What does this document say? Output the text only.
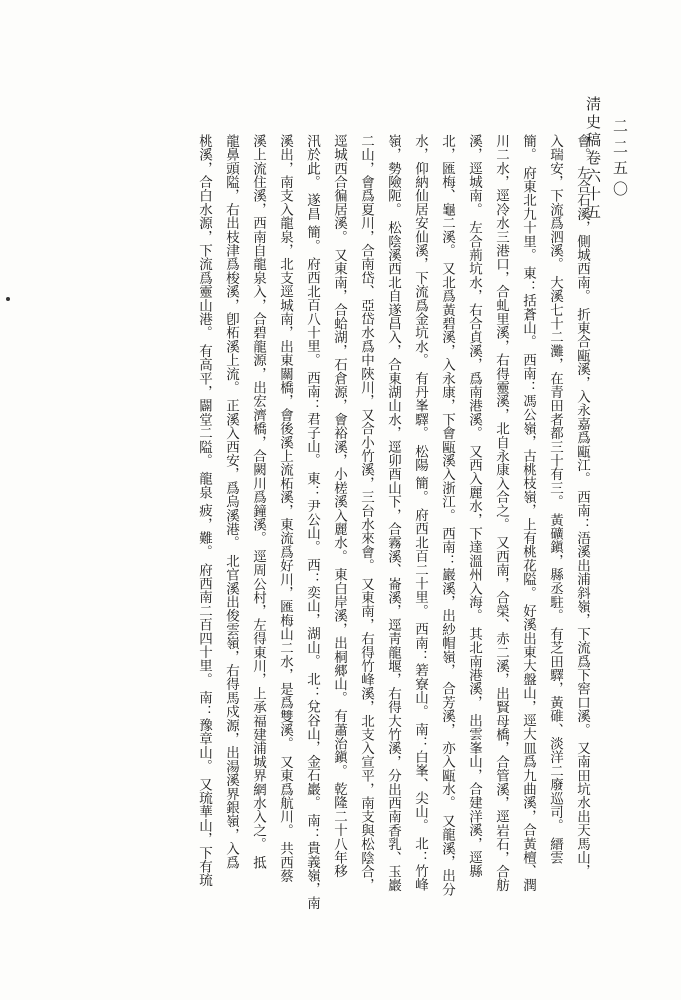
二二五〇
淸史稿卷六十五
會。 左合石溪，側城西南。 折東合甌溪，入永嘉爲甌江。 西南：浯溪出浦斜嶺，下流爲下窖口溪。 又南田坑水出天馬山，
入瑞安，下流爲泗溪。 大溪七十二灘，在青田者都三十有三。 黃礦鎭，縣丞駐。 有芝田驛，黃碓、淡洋二廢巡司。 縉雲
簡。 府東北九十里。 東：括蒼山。 西南：馮公嶺，古桃枝嶺，上有桃花隘。 好溪出東大盤山，逕大皿爲九曲溪，合黃檀、潤
川二水，逕冷水三港口，合虬里溪，右得靈溪，北自永康入合之。 又西南，合榮、赤二溪，出賢母橋，合管溪，逕岩石，合舫
溪，逕城南。 左合荊坑水，右合貞溪，爲南港溪。 又西入麗水，下達溫州入海。 其北南港溪， 出雲峯山，合建洋溪，逕縣
北，匯梅、龜二溪。 又北爲黃碧溪，入永康，下會甌溪入浙江。 西南：巖溪，出紗帽嶺， 合芳溪， 亦入甌水。 又龍溪，出分
水，仰納仙居安仙溪，下流爲金坑水。 有丹峯驛。 松陽 簡。 府西北百二十里。 西南：箬寮山。 南：白峯、尖山。 北：竹峰
嶺，勢險阨。 松陰溪西北自遂昌入，合東湖山水，逕卯酉山下，合霧溪、崙溪，逕靑龍堰，右得大竹溪，分出西南香乳、玉巖
二山，會爲夏川，合南岱、亞岱水爲中陝川，又合小竹溪，三台水來會。 又東南，右得竹峰溪，北支入宣平，南支與松陰合，
逕城西合徧居溪。 又東南，合蛤湖，石倉源，會裕溪，小槎溪入麗水。 東白岸溪，出桐郷山。 有蕭治鎭。 乾隆二十八年移
汛於此。 遂昌 簡。 府西北百八十里。 西南：君子山。 東：尹公山。 西：奕山，湖山。 北：兌谷山，金石巖。 南：貴義嶺，南
溪出，南支入龍泉，北支逕城南，出東關橋，會後溪上流柘溪，東流爲好川，匯梅山二水，是爲雙溪。 又東爲航川。 共西蔡
溪上流住溪，西南自龍泉入，合碧龍源，出宏濟橋，合闕川爲鐘溪。 逕周公村，左得東川，上承福建浦城界網水入之。 抵
龍鼻頭隘，右出枝津爲梭溪，卽柘溪上流。 正溪入西安，爲烏溪港。 北官溪出俊雲嶺，右得馬戍源，出湯溪界銀嶺，入爲
桃溪，合白水源，下流爲靈山港。 有高平，闢堂二隘。 龍泉 疲，難。 府西南二百四十里。 南：豫章山。 又琉華山，下有琉
